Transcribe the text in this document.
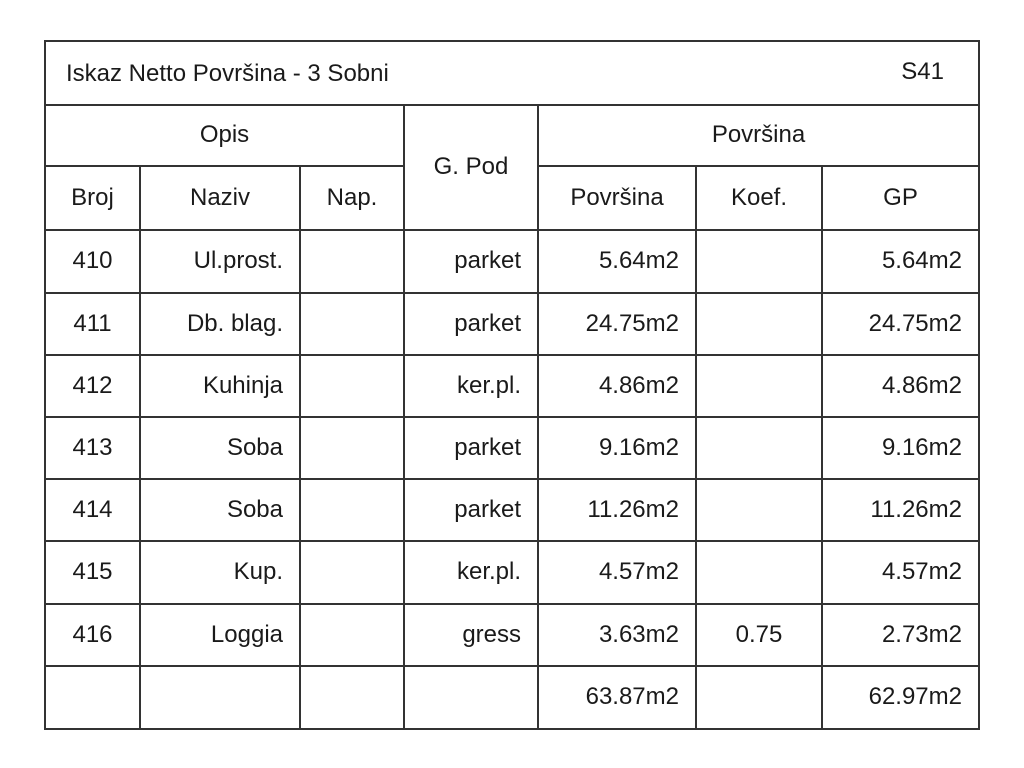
Iskaz Netto Površina - 3 Sobni	S41
Opis			G. Pod	Površina		
Broj	Naziv	Nap.		Površina	Koef.	GP
410	Ul.prost.		parket	5.64m2		5.64m2
411	Db. blag.		parket	24.75m2		24.75m2
412	Kuhinja		ker.pl.	4.86m2		4.86m2
413	Soba		parket	9.16m2		9.16m2
414	Soba		parket	11.26m2		11.26m2
415	Kup.		ker.pl.	4.57m2		4.57m2
416	Loggia		gress	3.63m2	0.75	2.73m2
				63.87m2		62.97m2
